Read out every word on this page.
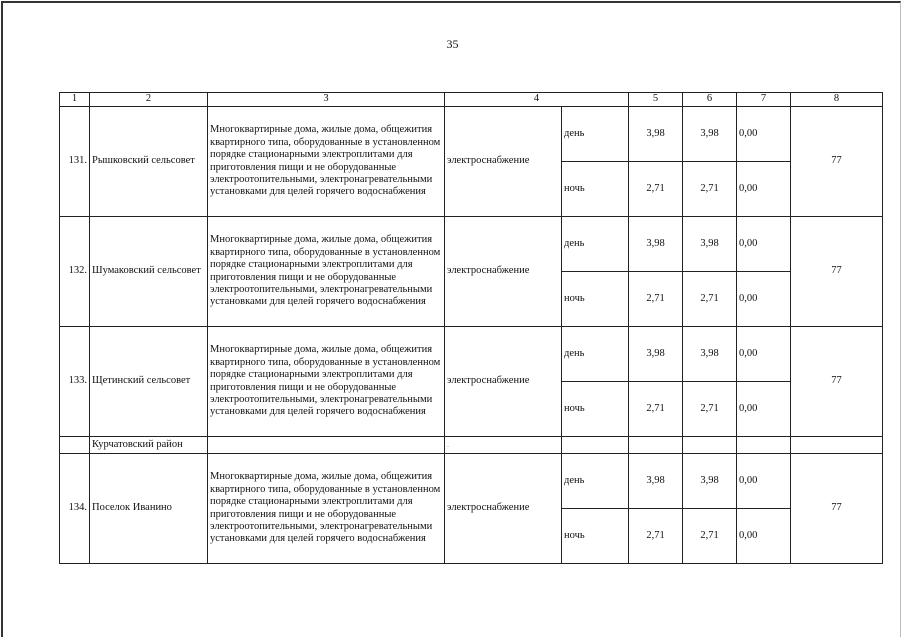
35
1	2	3	4		5	6	7	8
131.	Рышковский сельсовет	Многоквартирные дома, жилые дома, общежития квартирного типа, оборудованные в установленном порядке стационарными электроплитами для приготовления пищи и не оборудованные электроотопительными, электронагревательными установками для целей горячего водоснабжения	электроснабжение	день	3,98	3,98	0,00	77
				ночь	2,71	2,71	0,00	
132.	Шумаковский сельсовет	Многоквартирные дома, жилые дома, общежития квартирного типа, оборудованные в установленном порядке стационарными электроплитами для приготовления пищи и не оборудованные электроотопительными, электронагревательными установками для целей горячего водоснабжения	электроснабжение	день	3,98	3,98	0,00	77
				ночь	2,71	2,71	0,00	
133.	Щетинский сельсовет	Многоквартирные дома, жилые дома, общежития квартирного типа, оборудованные в установленном порядке стационарными электроплитами для приготовления пищи и не оборудованные электроотопительными, электронагревательными установками для целей горячего водоснабжения	электроснабжение	день	3,98	3,98	0,00	77
				ночь	2,71	2,71	0,00	
	Курчатовский район		.					
134.	Поселок Иванино	Многоквартирные дома, жилые дома, общежития квартирного типа, оборудованные в установленном порядке стационарными электроплитами для приготовления пищи и не оборудованные электроотопительными, электронагревательными установками для целей горячего водоснабжения	электроснабжение	день	3,98	3,98	0,00	77
				ночь	2,71	2,71	0,00	
